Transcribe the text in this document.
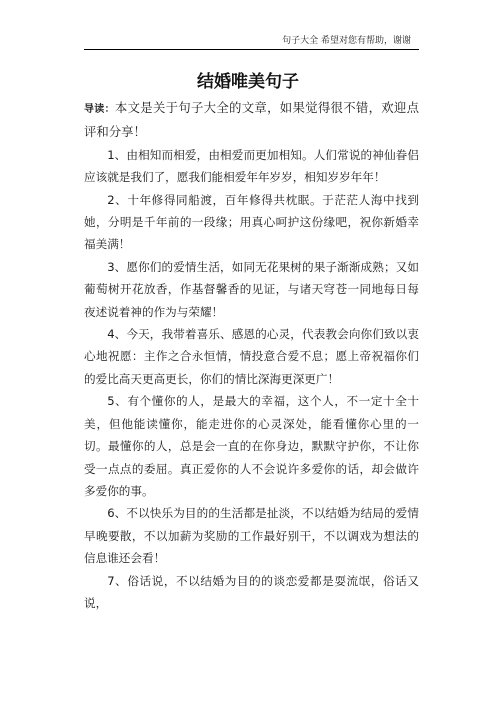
句子大全 希望对您有帮助，谢谢
结婚唯美句子

导读：本文是关于句子大全的文章，如果觉得很不错，欢迎点评和分享！

1、由相知而相爱，由相爱而更加相知。人们常说的神仙眷侣应该就是我们了，愿我们能相爱年年岁岁，相知岁岁年年！

2、十年修得同船渡，百年修得共枕眠。于茫茫人海中找到她，分明是千年前的一段缘；用真心呵护这份缘吧，祝你新婚幸福美满！

3、愿你们的爱情生活，如同无花果树的果子渐渐成熟；又如葡萄树开花放香，作基督馨香的见证，与诸天穹苍一同地每日每夜述说着神的作为与荣耀！

4、今天，我带着喜乐、感恩的心灵，代表教会向你们致以衷心地祝愿：主作之合永恒情，情投意合爱不息；愿上帝祝福你们的爱比高天更高更长，你们的情比深海更深更广！

5、有个懂你的人，是最大的幸福，这个人，不一定十全十美，但他能读懂你，能走进你的心灵深处，能看懂你心里的一切。最懂你的人，总是会一直的在你身边，默默守护你，不让你受一点点的委屈。真正爱你的人不会说许多爱你的话，却会做许多爱你的事。

6、不以快乐为目的的生活都是扯淡，不以结婚为结局的爱情早晚要散，不以加薪为奖励的工作最好别干，不以调戏为想法的信息谁还会看！

7、俗话说，不以结婚为目的的谈恋爱都是耍流氓，俗话又说，
